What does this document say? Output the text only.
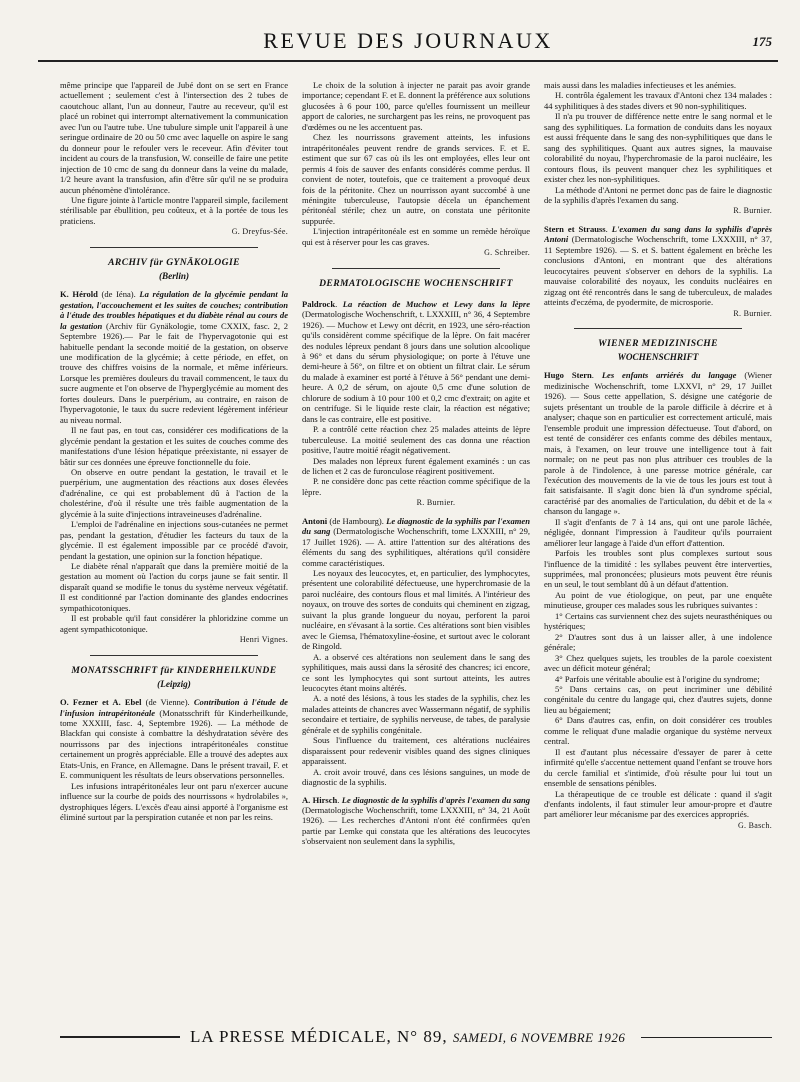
REVUE DES JOURNAUX	175

même principe que l'appareil de Jubé dont on se sert en France actuellement ; seulement c'est à l'intersection des 2 tubes de caoutchouc allant, l'un au donneur, l'autre au receveur, qu'il est placé un robinet qui interrompt alternativement la communication avec l'un ou l'autre tube. Une tubulure simple unit l'appareil à une seringue ordinaire de 20 ou 50 cmc avec laquelle on aspire le sang du donneur pour le refouler vers le receveur. Afin d'éviter tout incident au cours de la transfusion, W. conseille de faire une petite injection de 10 cmc de sang du donneur dans la veine du malade, 1/2 heure avant la transfusion, afin d'être sûr qu'il ne se produira aucun phénomène d'intolérance.

Une figure jointe à l'article montre l'appareil simple, facilement stérilisable par ébullition, peu coûteux, et à la portée de tous les praticiens.

G. Dreyfus-Sée.
ARCHIV für GYNÄKOLOGIE
(Berlin)

K. Hérold (de Iéna). La régulation de la glycémie pendant la gestation, l'accouchement et les suites de couches; contribution à l'étude des troubles hépatiques et du diabète rénal au cours de la gestation (Archiv für Gynäkologie, tome CXXIX, fasc. 2, 2 Septembre 1926).— Par le fait de l'hypervagotonie qui est habituelle pendant la seconde moitié de la gestation, on observe une modification de la glycémie; à cette période, en effet, on trouve des chiffres voisins de la normale, et même inférieurs. Lorsque les premières douleurs du travail commencent, le taux du sucre augmente et l'on observe de l'hyperglycémie au moment des fortes douleurs. Dans le puerpérium, au contraire, en raison de l'hypervagotonie, le taux du sucre redevient légèrement inférieur au niveau normal.

Il ne faut pas, en tout cas, considérer ces modifications de la glycémie pendant la gestation et les suites de couches comme des manifestations d'une lésion hépatique préexistante, ni essayer de bâtir sur ces données une épreuve fonctionnelle du foie.

On observe en outre pendant la gestation, le travail et le puerpérium, une augmentation des réactions aux doses élevées d'adrénaline, ce qui est probablement dû à l'action de la cholestérine, d'où il résulte une très faible augmentation de la glycémie à la suite d'injections intraveineuses d'adrénaline.

L'emploi de l'adrénaline en injections sous-cutanées ne permet pas, pendant la gestation, d'étudier les facteurs du taux de la glycémie. Il est également impossible par ce procédé d'avoir, pendant la gestation, une opinion sur la fonction hépatique.

Le diabète rénal n'apparaît que dans la première moitié de la gestation au moment où l'action du corps jaune se fait sentir. Il disparaît quand se modifie le tonus du système nerveux végétatif. Il est conditionné par l'action dominante des glandes endocrines sympathicotoniques.

Il est probable qu'il faut considérer la phloridzine comme un agent sympathicotonique.

Henri Vignes.
MONATSSCHRIFT für KINDERHEILKUNDE
(Leipzig)

O. Fezner et A. Ebel (de Vienne). Contribution à l'étude de l'infusion intrapéritonéale (Monatsschrift für Kinderheilkunde, tome XXXIII, fasc. 4, Septembre 1926). — La méthode de Blackfan qui consiste à combattre la déshydratation sévère des nourrissons par des injections intrapéritonéales constitue certainement un progrès appréciable. Elle a trouvé des adeptes aux Etats-Unis, en France, en Allemagne. Dans le présent travail, F. et E. communiquent les résultats de leurs observations personnelles.

Les infusions intrapéritonéales leur ont paru n'exercer aucune influence sur la courbe de poids des nourrissons « hydrolabiles », dystrophiques légers. L'excès d'eau ainsi apporté à l'organisme est éliminé surtout par la perspiration cutanée et non par les reins.

Le choix de la solution à injecter ne parait pas avoir grande importance; cependant F. et E. donnent la préférence aux solutions glucosées à 6 pour 100, parce qu'elles fournissent un meilleur apport de calories, ne surchargent pas les reins, ne provoquent pas d'œdèmes ou ne les accentuent pas.

Chez les nourrissons gravement atteints, les infusions intrapéritonéales peuvent rendre de grands services. F. et E. estiment que sur 67 cas où ils les ont employées, elles leur ont permis 4 fois de sauver des enfants considérés comme perdus. Il convient de noter, toutefois, que ce traitement a provoqué deux fois de la péritonite. Chez un nourrisson ayant succombé à une méningite tuberculeuse, l'autopsie décela un épanchement péritonéal stérile; chez un autre, on constata une péritonite suppurée.

L'injection intrapéritonéale est en somme un remède héroïque qui est à réserver pour les cas graves.

G. Schreiber.
DERMATOLOGISCHE WOCHENSCHRIFT

Paldrock. La réaction de Muchow et Lewy dans la lèpre (Dermatologische Wochenschrift, t. LXXXIII, n° 36, 4 Septembre 1926). — Muchow et Lewy ont décrit, en 1923, une séro-réaction qu'ils considèrent comme spécifique de la lèpre. On fait macérer des nodules lépreux pendant 8 jours dans une solution alcoolique à 96° et dans du sérum physiologique; on porte à l'étuve une demi-heure à 56°, on filtre et on obtient un filtrat clair. Le sérum du malade à examiner est porté à l'étuve à 56° pendant une demi-heure. A 0,2 de sérum, on ajoute 0,5 cmc d'une solution de chlorure de sodium à 10 pour 100 et 0,2 cmc d'extrait; on agite et on centrifuge. Si le liquide reste clair, la réaction est négative; dans le cas contraire, elle est positive.

P. a contrôlé cette réaction chez 25 malades atteints de lèpre tuberculeuse. La moitié seulement des cas donna une réaction positive, l'autre moitié réagit négativement.

Des malades non lépreux furent également examinés : un cas de lichen et 2 cas de furonculose réagirent positivement.

P. ne considère donc pas cette réaction comme spécifique de la lèpre.

R. Burnier.

Antoni (de Hambourg). Le diagnostic de la syphilis par l'examen du sang (Dermatologische Wochenschrift, tome LXXXIII, n° 29, 17 Juillet 1926). — A. attire l'attention sur des altérations des éléments du sang des syphilitiques, altérations qu'il considère comme caractéristiques.

Les noyaux des leucocytes, et, en particulier, des lymphocytes, présentent une colorabilité défectueuse, une hyperchromasie de la paroi nucléaire, des contours flous et mal limités. A l'intérieur des noyaux, on trouve des sortes de conduits qui cheminent en zigzag, suivant la plus grande longueur du noyau, perforent la paroi nucléaire, en s'évasant à la sortie. Ces altérations sont bien visibles avec le Giemsa, l'hématoxyline-éosine, et surtout avec le colorant de Ringold.

A. a observé ces altérations non seulement dans le sang des syphilitiques, mais aussi dans la sérosité des chancres; ici encore, ce sont les lymphocytes qui sont surtout atteints, les autres leucocytes étant moins altérés.

A. a noté des lésions, à tous les stades de la syphilis, chez les malades atteints de chancres avec Wassermann négatif, de syphilis secondaire et tertiaire, de syphilis nerveuse, de tabes, de paralysie générale et de syphilis congénitale.

Sous l'influence du traitement, ces altérations nucléaires disparaissent pour redevenir visibles quand des signes cliniques apparaissent.

A. croit avoir trouvé, dans ces lésions sanguines, un mode de diagnostic de la syphilis.

A. Hirsch. Le diagnostic de la syphilis d'après l'examen du sang (Dermatologische Wochenschrift, tome LXXXIII, n° 34, 21 Août 1926). — Les recherches d'Antoni n'ont été confirmées qu'en partie par Lemke qui constata que les altérations des leucocytes s'observaient non seulement dans la syphilis,

mais aussi dans les maladies infectieuses et les anémies.

H. contrôla également les travaux d'Antoni chez 134 malades : 44 syphilitiques à des stades divers et 90 non-syphilitiques.

Il n'a pu trouver de différence nette entre le sang normal et le sang des syphilitiques. La formation de conduits dans les noyaux est aussi fréquente dans le sang des non-syphilitiques que dans le sang des syphilitiques. Quant aux autres signes, la mauvaise colorabilité du noyau, l'hyperchromasie de la paroi nucléaire, les contours flous, ils peuvent manquer chez les syphilitiques et exister chez les non-syphilitiques.

La méthode d'Antoni ne permet donc pas de faire le diagnostic de la syphilis d'après l'examen du sang.

R. Burnier.

Stern et Strauss. L'examen du sang dans la syphilis d'après Antoni (Dermatologische Wochenschrift, tome LXXXIII, n° 37, 11 Septembre 1926). — S. et S. battent également en brèche les conclusions d'Antoni, en montrant que des altérations leucocytaires peuvent s'observer en dehors de la syphilis. La mauvaise colorabilité des noyaux, les conduits nucléaires en zigzag ont été rencontrés dans le sang de tuberculeux, de malades atteints d'eczéma, de pyodermite, de microsporie.

R. Burnier.
WIENER MEDIZINISCHE
WOCHENSCHRIFT

Hugo Stern. Les enfants arriérés du langage (Wiener medizinische Wochenschrift, tome LXXVI, n° 29, 17 Juillet 1926). — Sous cette appellation, S. désigne une catégorie de sujets présentant un trouble de la parole difficile à décrire et à analyser; chaque son en particulier est correctement articulé, mais l'ensemble produit une impression défectueuse. Tout d'abord, on est tenté de considérer ces enfants comme des débiles mentaux, mais, à l'examen, on leur trouve une intelligence tout à fait normale; on ne peut pas non plus attribuer ces troubles de la parole à de l'indolence, à une paresse motrice générale, car l'exécution des mouvements de la vie de tous les jours est tout à fait satisfaisante. Il s'agit donc bien là d'un syndrome spécial, caractérisé par des anomalies de l'articulation, du débit et de la « chanson du langage ».

Il s'agit d'enfants de 7 à 14 ans, qui ont une parole lâchée, négligée, donnant l'impression à l'auditeur qu'ils pourraient améliorer leur langage à l'aide d'un effort d'attention.

Parfois les troubles sont plus complexes surtout sous l'influence de la timidité : les syllabes peuvent être interverties, supprimées, mal prononcées; plusieurs mots peuvent être réunis en un seul, le tout semblant dû à un défaut d'attention.

Au point de vue étiologique, on peut, par une enquête minutieuse, grouper ces malades sous les rubriques suivantes :

1° Certains cas surviennent chez des sujets neurasthéniques ou hystériques;

2° D'autres sont dus à un laisser aller, à une indolence générale;

3° Chez quelques sujets, les troubles de la parole coexistent avec un déficit moteur général;

4° Parfois une véritable aboulie est à l'origine du syndrome;

5° Dans certains cas, on peut incriminer une débilité congénitale du centre du langage qui, chez d'autres sujets, donne lieu au bégaiement;

6° Dans d'autres cas, enfin, on doit considérer ces troubles comme le reliquat d'une maladie organique du système nerveux central.

Il est d'autant plus nécessaire d'essayer de parer à cette infirmité qu'elle s'accentue nettement quand l'enfant se trouve hors du cercle familial et s'intimide, d'où résulte pour lui tout un ensemble de sensations pénibles.

La thérapeutique de ce trouble est délicate : quand il s'agit d'enfants indolents, il faut stimuler leur amour-propre et d'autre part améliorer leur mécanisme par des exercices appropriés.

G. Basch.
LA PRESSE MÉDICALE, N° 89, SAMEDI, 6 NOVEMBRE 1926
